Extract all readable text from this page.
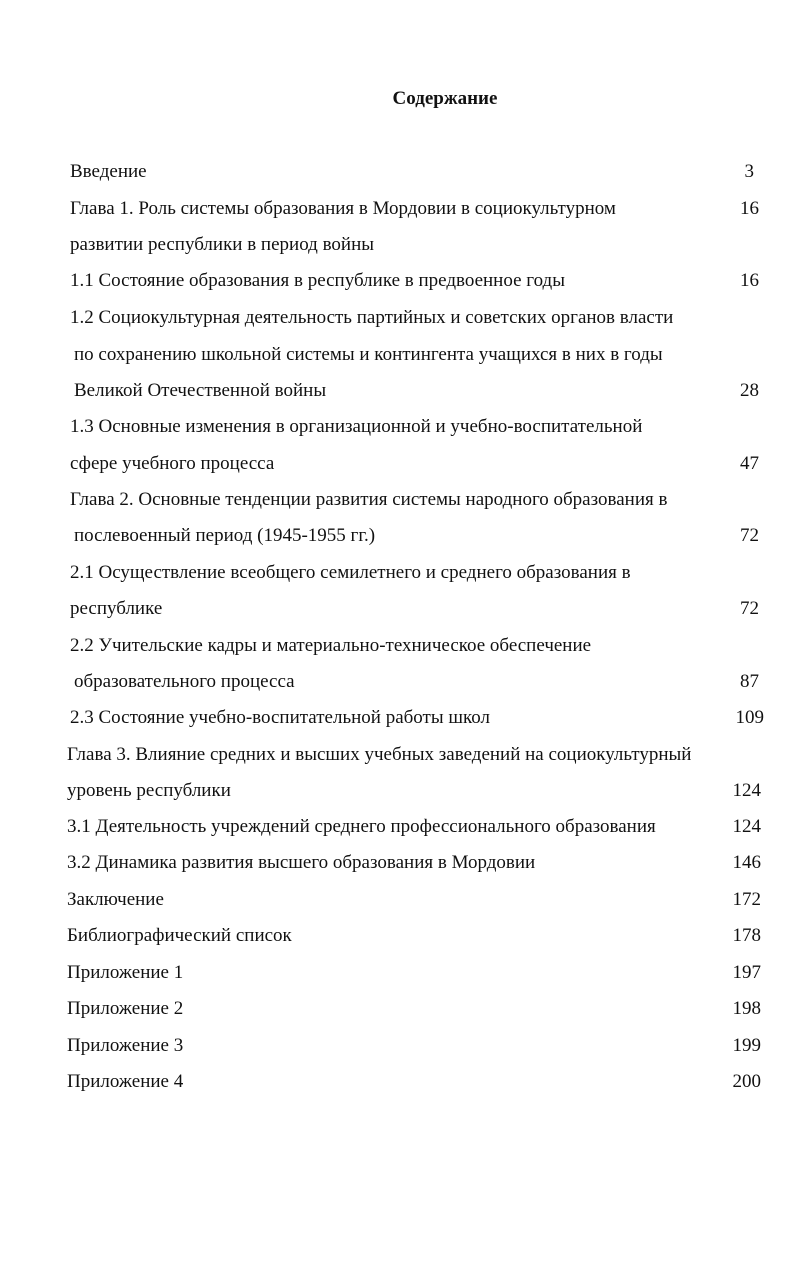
Содержание
Введение	3
Глава 1. Роль системы образования в Мордовии в социокультурном	16
развитии республики в период войны
1.1 Состояние образования в республике в предвоенное годы	16
1.2 Социокультурная деятельность партийных и советских органов власти
по сохранению школьной системы и контингента учащихся в них в годы
Великой Отечественной войны	28
1.3 Основные изменения в организационной и учебно-воспитательной
сфере учебного процесса	47
Глава 2. Основные тенденции развития системы народного образования в
послевоенный период (1945-1955 гг.)	72
2.1 Осуществление всеобщего семилетнего и среднего образования в
республике	72
2.2 Учительские кадры и материально-техническое обеспечение
образовательного процесса	87
2.3 Состояние учебно-воспитательной работы школ	109
Глава 3. Влияние средних и высших учебных заведений на социокультурный
уровень республики	124
3.1 Деятельность учреждений среднего профессионального образования	124
3.2 Динамика развития высшего образования в Мордовии	146
Заключение	172
Библиографический список	178
Приложение 1	197
Приложение 2	198
Приложение 3	199
Приложение 4	200
